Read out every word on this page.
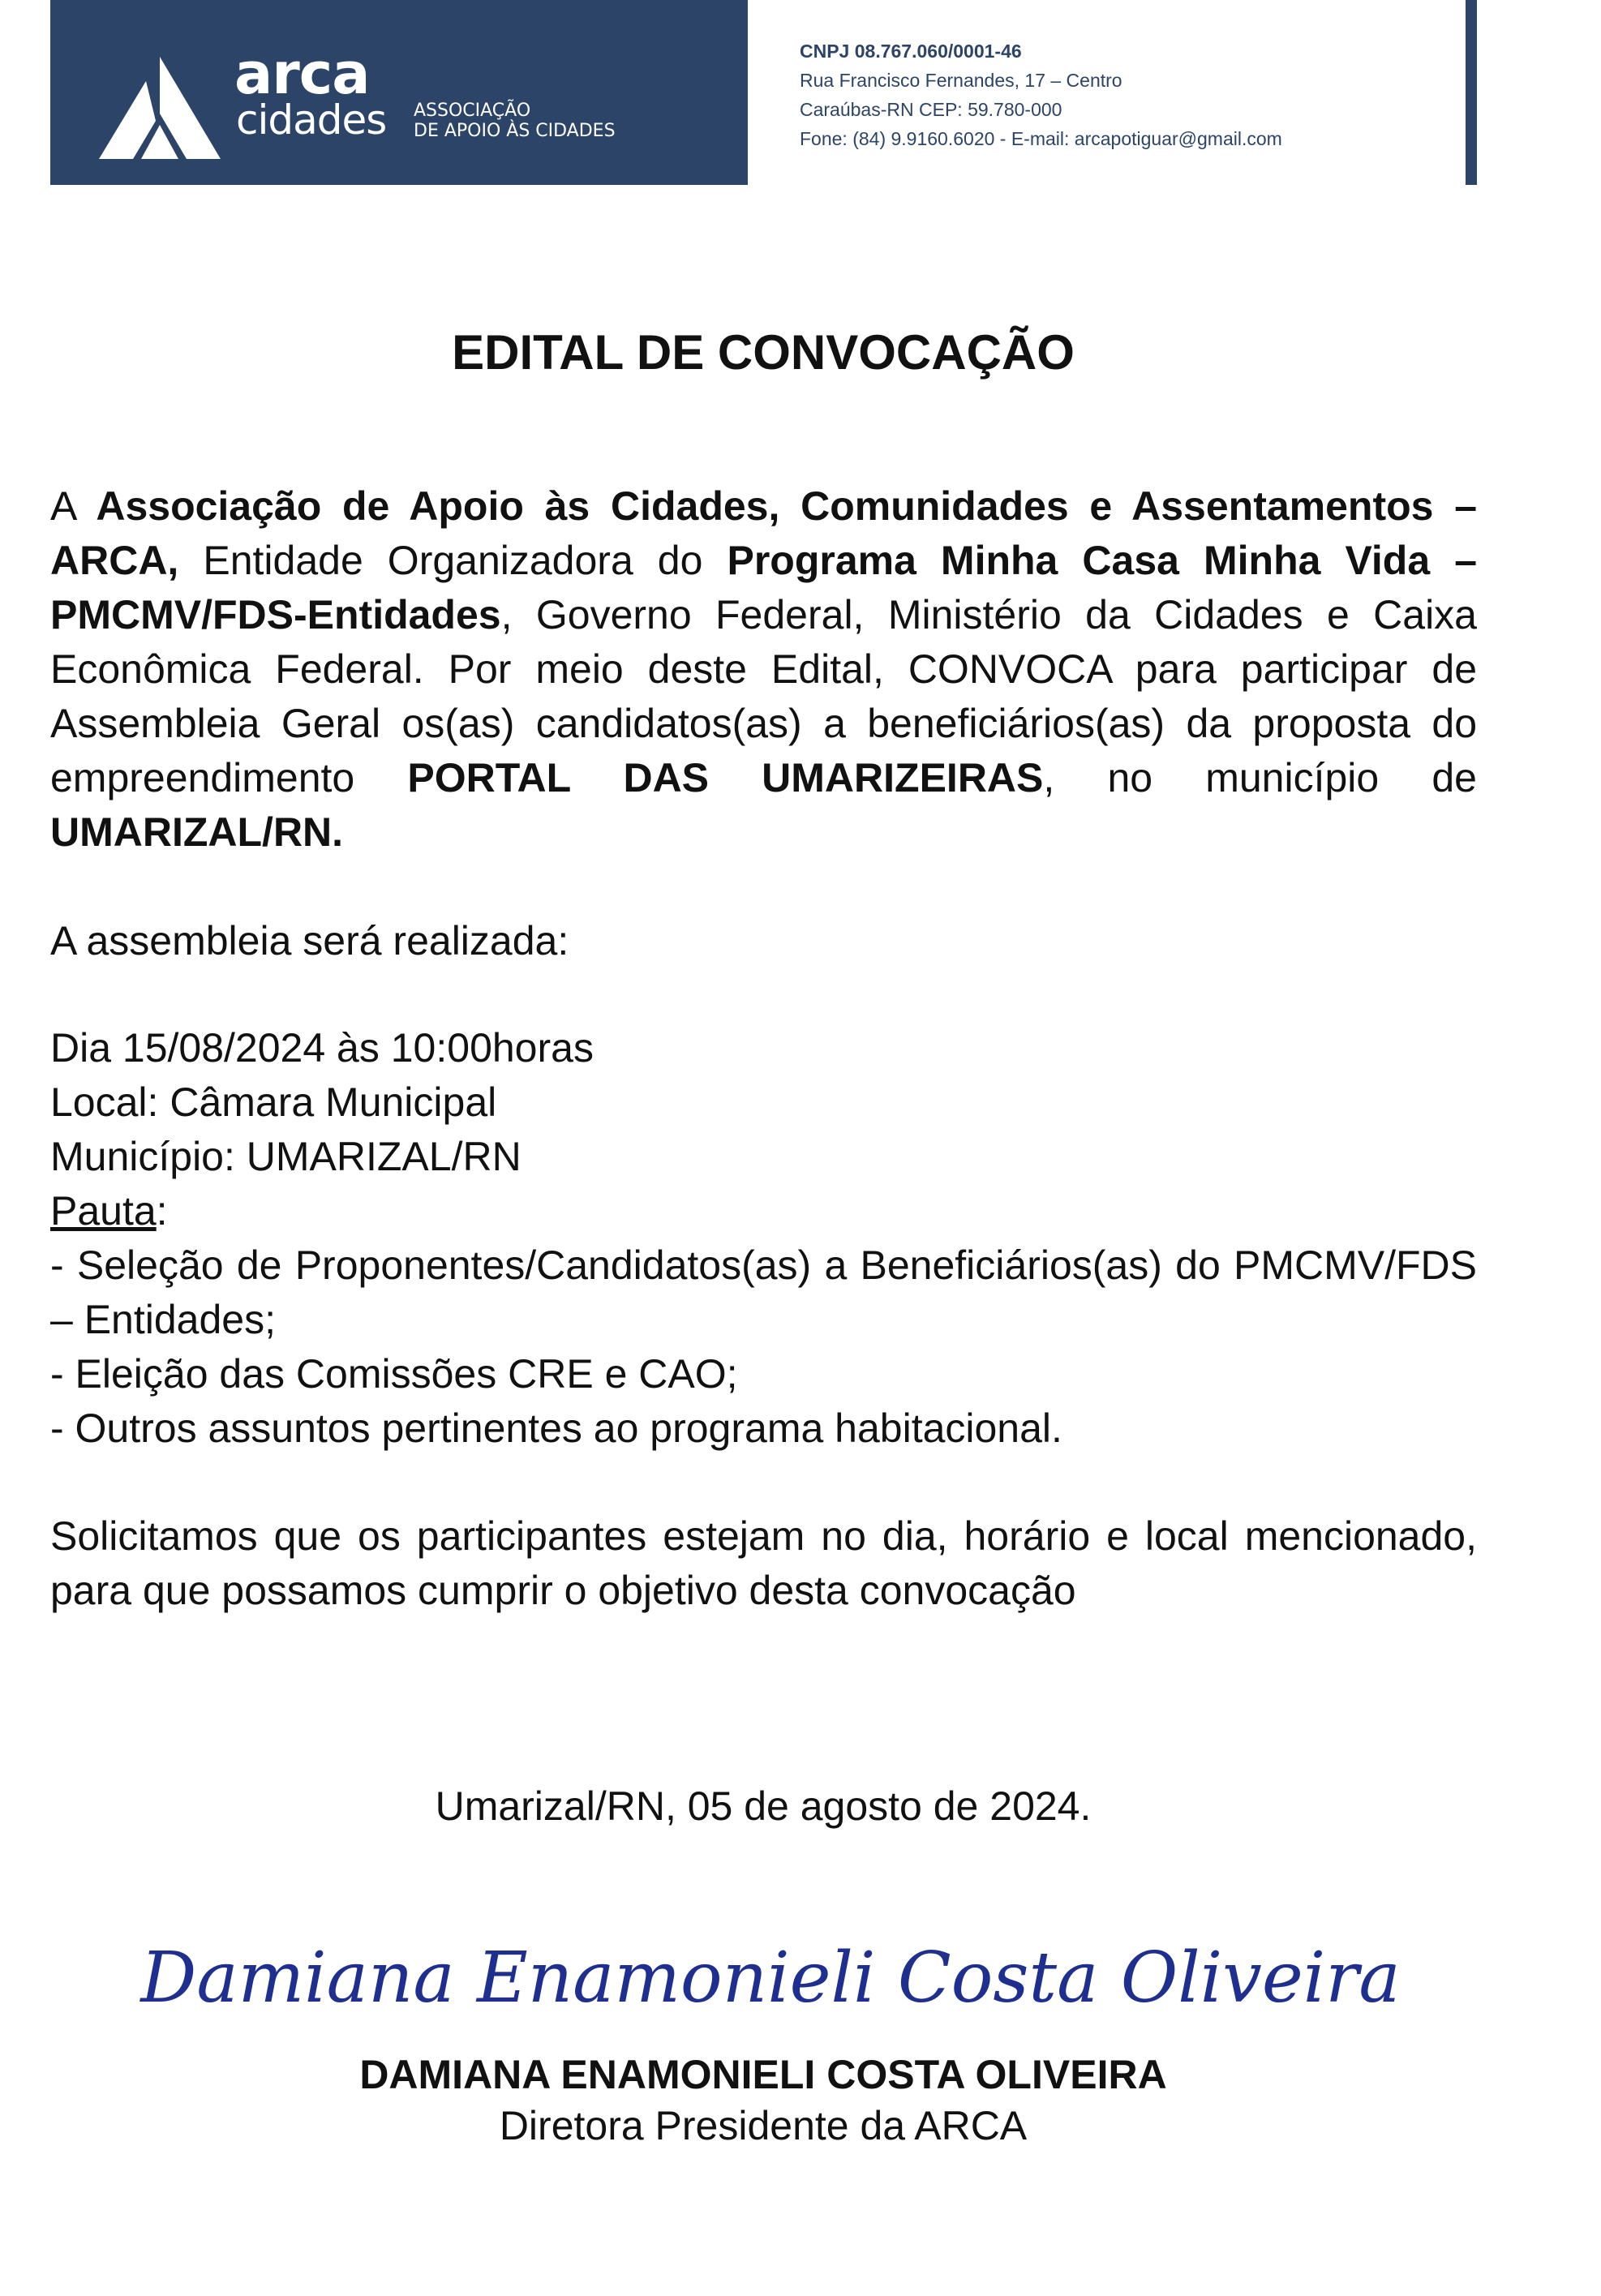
arca
cidades ASSOCIAÇÃO
DE APOIO ÀS CIDADES
CNPJ 08.767.060/0001-46
Rua Francisco Fernandes, 17 – Centro
Caraúbas-RN CEP: 59.780-000
Fone: (84) 9.9160.6020 - E-mail: arcapotiguar@gmail.com
EDITAL DE CONVOCAÇÃO

A Associação de Apoio às Cidades, Comunidades e Assentamentos – ARCA, Entidade Organizadora do Programa Minha Casa Minha Vida – PMCMV/FDS-Entidades, Governo Federal, Ministério da Cidades e Caixa Econômica Federal. Por meio deste Edital, CONVOCA para participar de Assembleia Geral os(as) candidatos(as) a beneficiários(as) da proposta do empreendimento PORTAL DAS UMARIZEIRAS, no município de UMARIZAL/RN.

A assembleia será realizada:

Dia 15/08/2024 às 10:00horas
Local: Câmara Municipal
Município: UMARIZAL/RN
Pauta:
- Seleção de Proponentes/Candidatos(as) a Beneficiários(as) do PMCMV/FDS – Entidades;
- Eleição das Comissões CRE e CAO;
- Outros assuntos pertinentes ao programa habitacional.

Solicitamos que os participantes estejam no dia, horário e local mencionado, para que possamos cumprir o objetivo desta convocação

Umarizal/RN, 05 de agosto de 2024.
Damiana Enamonieli Costa Oliveira
DAMIANA ENAMONIELI COSTA OLIVEIRA
Diretora Presidente da ARCA
